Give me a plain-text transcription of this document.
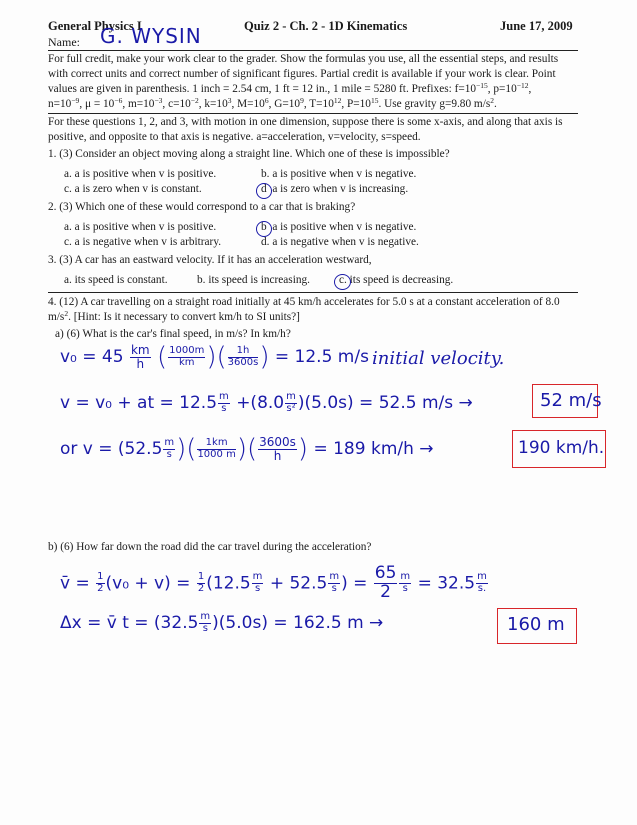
General Physics I	Quiz 2 - Ch. 2 - 1D Kinematics	June 17, 2009
Name: G. WYSIN
For full credit, make your work clear to the grader. Show the formulas you use, all the essential steps, and results
with correct units and correct number of significant figures. Partial credit is available if your work is clear. Point
values are given in parenthesis. 1 inch = 2.54 cm, 1 ft = 12 in., 1 mile = 5280 ft. Prefixes: $f=10^{-15}$, $p=10^{-12}$,
$n=10^{-9}$, $\mu = 10^{-6}$, $m=10^{-3}$, $c=10^{-2}$, $k=10^3$, $M=10^6$, $G=10^9$, $T=10^{12}$, $P=10^{15}$. Use gravity g=9.80 $m/s^2$.
For these questions 1, 2, and 3, with motion in one dimension, suppose there is some x-axis, and along that axis is
positive, and opposite to that axis is negative. a=acceleration, v=velocity, s=speed.
1. (3) Consider an object moving along a straight line. Which one of these is impossible?
a. a is positive when v is positive.	b. a is positive when v is negative.
c. a is zero when v is constant.	d a is zero when v is increasing.
2. (3) Which one of these would correspond to a car that is braking?
a. a is positive when v is positive.	b a is positive when v is negative.
c. a is negative when v is arbitrary.	d. a is negative when v is negative.
3. (3) A car has an eastward velocity. If it has an acceleration westward,
a. its speed is constant.	b. its speed is increasing.	c. its speed is decreasing.
4. (12) A car travelling on a straight road initially at 45 km/h accelerates for 5.0 s at a constant acceleration of 8.0
$m/s^2$. [Hint: Is it necessary to convert km/h to SI units?]
a) (6) What is the car's final speed, in m/s? In km/h?
$v_0 = 45 \frac{km}{h}$ ( $\frac{1000m}{km}$ )( $\frac{1h}{3600s}$ ) = 12.5 m/s initial velocity.
v = v₀ + at = $12.5 \frac{m}{s} +(8.0 \frac{m}{\text{s²}} )(5.0s) = 52.5$ m/s →	52 m/s
or $v = (52.5 \frac{m}{s}$ )( $\frac{1km}{1000 m}$ )( $\frac{3600s}{h}$ ) = 189 km/h →	190 km/h.
b) (6) How far down the road did the car travel during the acceleration?
v̄ = $\frac{1}{2} (v_0 + v) = \frac{1}{2} (12.5 \frac{m}{s} + 52.5 \frac{m}{s}$ ) = $\frac{65}{2} \frac{m}{s} = 32.5 \frac{m}{s.}$
Δx = v̄ $t = (32.5 \frac{m}{s} )(5.0s) = 162.5$ m →	160 m
